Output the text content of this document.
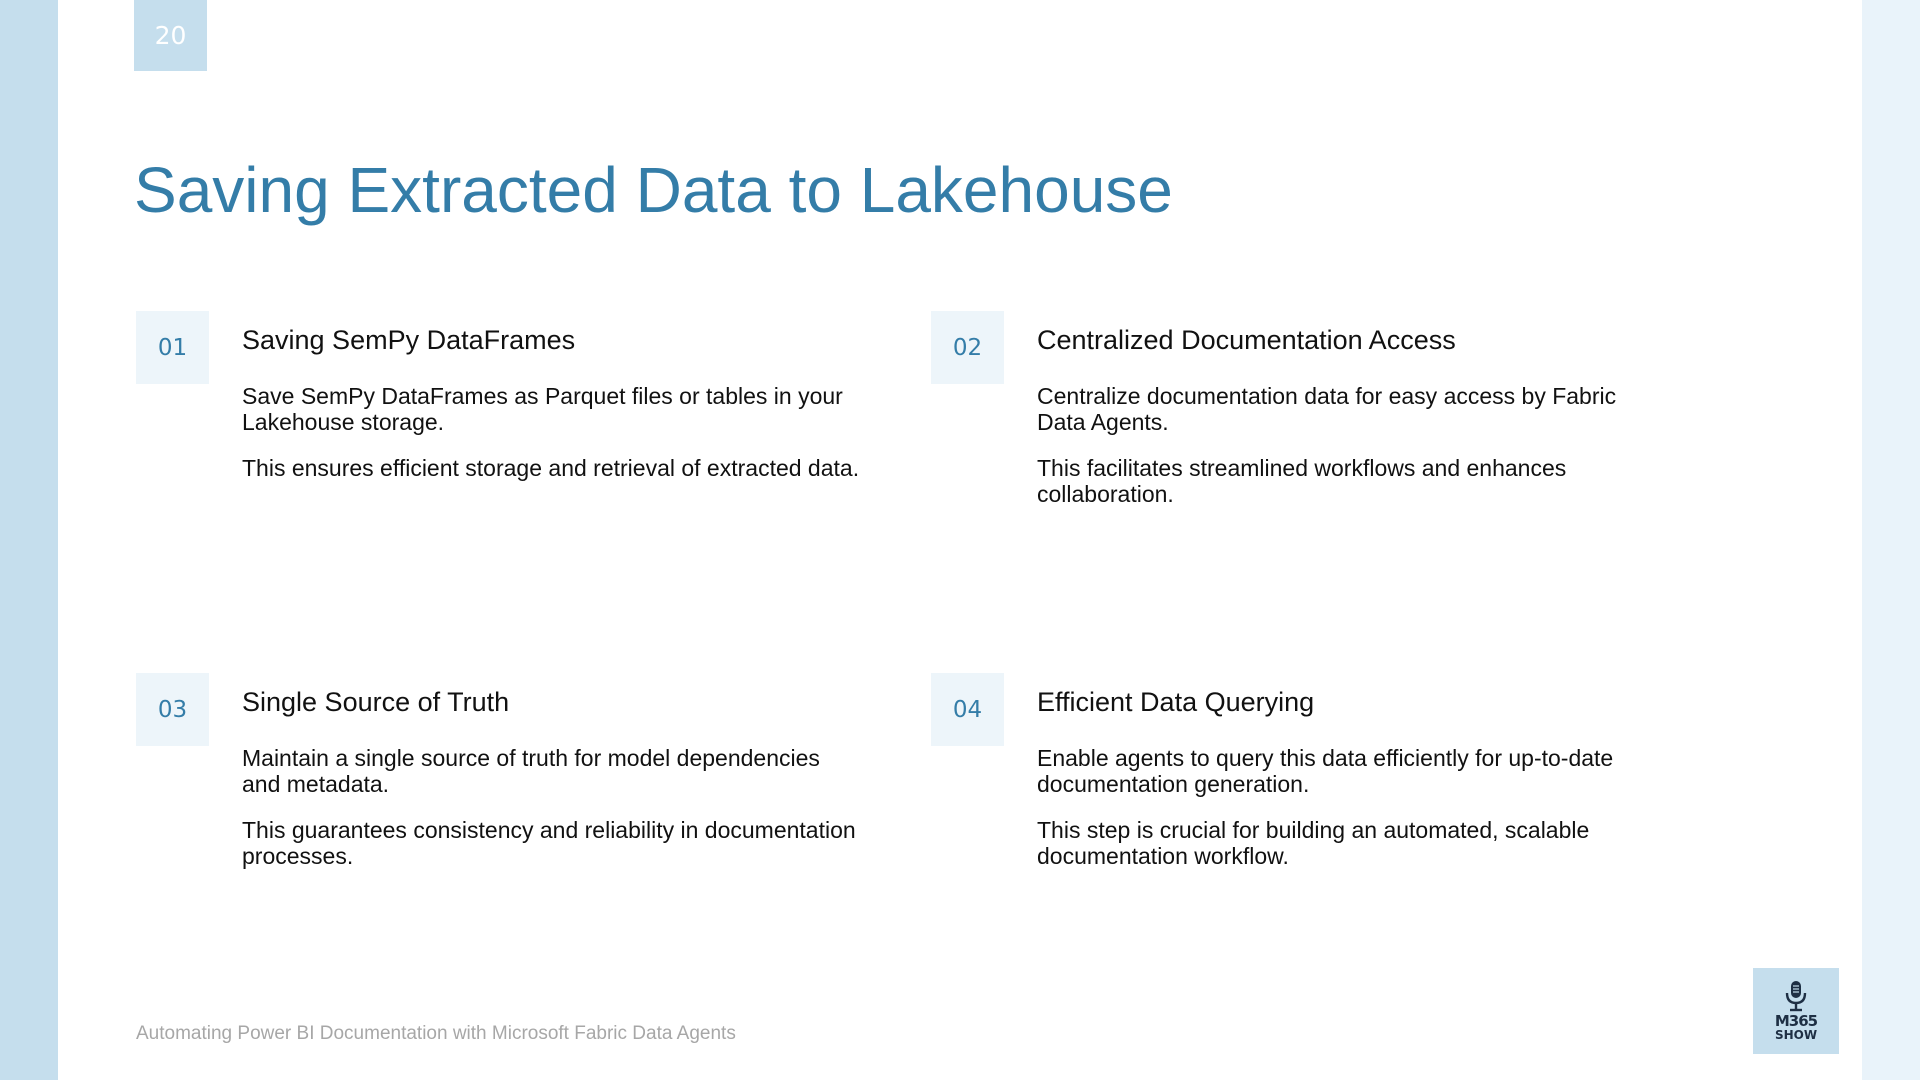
20
Saving Extracted Data to Lakehouse
01	Saving SemPy DataFrames

Save SemPy DataFrames as Parquet files or tables in your Lakehouse storage.

This ensures efficient storage and retrieval of extracted data.

02	Centralized Documentation Access

Centralize documentation data for easy access by Fabric Data Agents.

This facilitates streamlined workflows and enhances collaboration.

03	Single Source of Truth

Maintain a single source of truth for model dependencies and metadata.

This guarantees consistency and reliability in documentation processes.

04	Efficient Data Querying

Enable agents to query this data efficiently for up-to-date documentation generation.

This step is crucial for building an automated, scalable documentation workflow.

Automating Power BI Documentation with Microsoft Fabric Data Agents
M365
SHOW
